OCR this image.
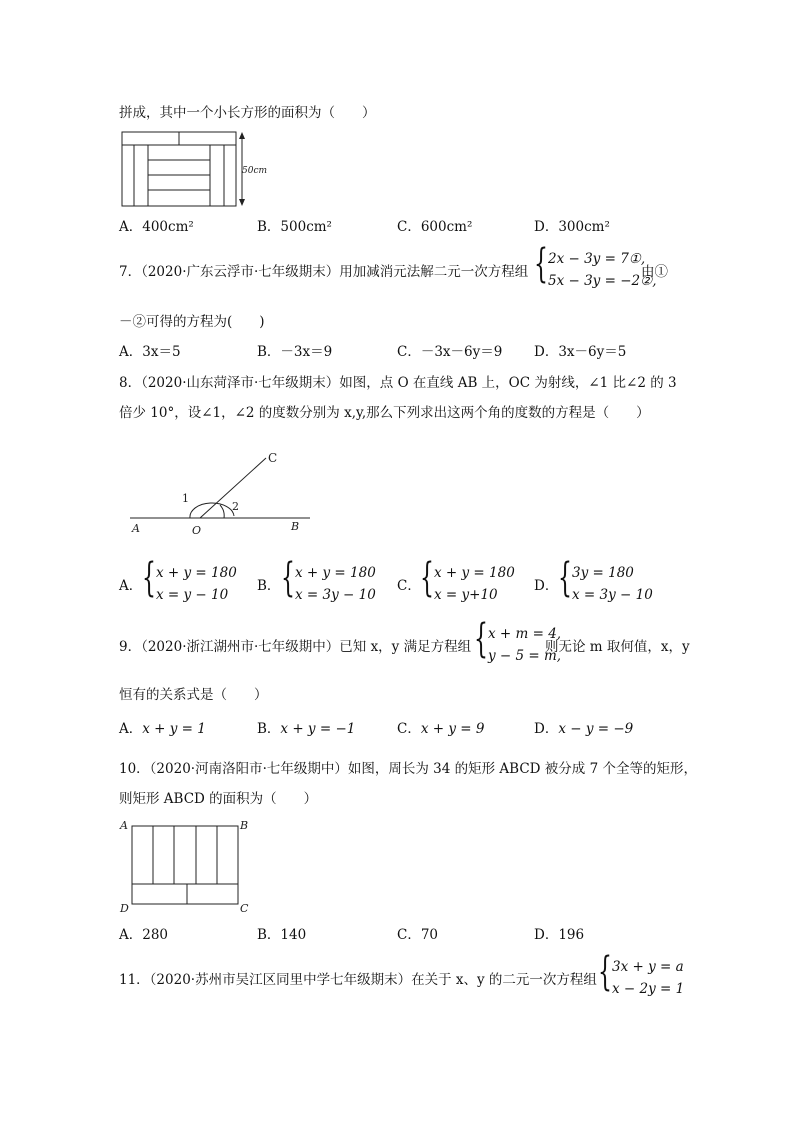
拼成，其中一个小长方形的面积为（　　）
50cm
A．400cm²	B．500cm²	C．600cm²	D．300cm²
7．（2020·广东云浮市·七年级期末）用加减消元法解二元一次方程组 { 2x − 3y = 7①,
5x − 3y = −2②,
由①
－②可得的方程为(　　)
A．3x＝5	B．－3x＝9	C．－3x－6y＝9 D．3x－6y＝5
8．（2020·山东菏泽市·七年级期末）如图，点 O 在直线 AB 上，OC 为射线，∠1 比∠2 的 3
倍少 10°，设∠1，∠2 的度数分别为 x,y,那么下列求出这两个角的度数的方程是（　　）
C
1
2
A	O	B
A． { x + y = 180
x = y − 10
B． { x + y = 180
x = 3y − 10
C． { x + y = 180
x = y+10
D． { 3y = 180
x = 3y − 10
9．（2020·浙江湖州市·七年级期中）已知 x，y 满足方程组 { x + m = 4,
y − 5 = m,
则无论 m 取何值，x，y
恒有的关系式是（　　）
A．x + y = 1	B．x + y = −1	C．x + y = 9	D．x − y = −9
10．（2020·河南洛阳市·七年级期中）如图，周长为 34 的矩形 ABCD 被分成 7 个全等的矩形，
则矩形 ABCD 的面积为（　　）
A	B
C
D
A．280	B．140	C．70	D．196
11．（2020·苏州市吴江区同里中学七年级期末）在关于 x、y 的二元一次方程组 { 3x + y = a
x − 2y = 1
